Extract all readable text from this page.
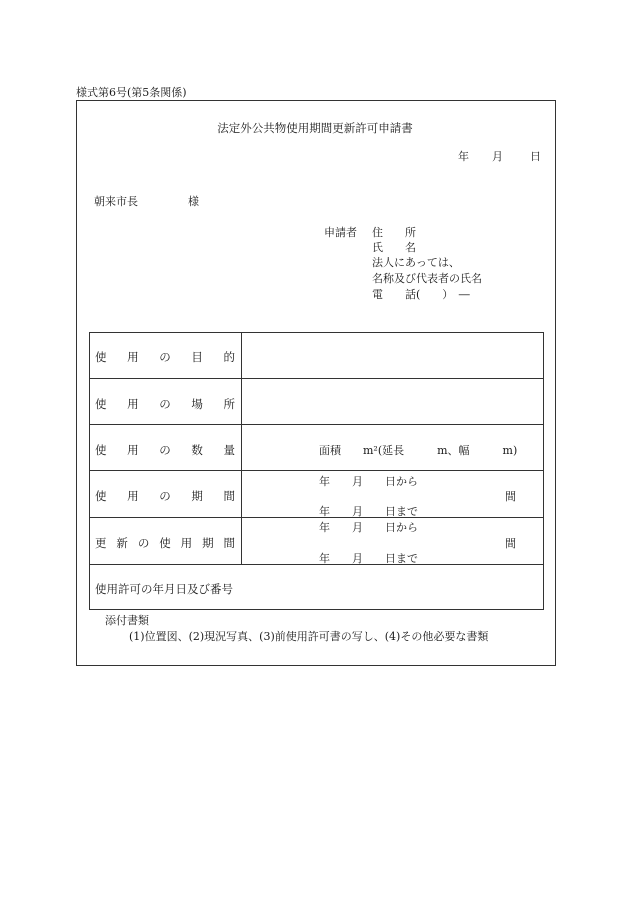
様式第6号(第5条関係)
法定外公共物使用期間更新許可申請書
年 月 日
朝来市長	様
申請者 住　　所
氏　　名
法人にあっては、
名称及び代表者の氏名
電　　話(　　）　―
使 用 の 目 的
使 用 の 場 所
使 用 の 数 量	面積　　m²(延長　　　m、幅　　　m)
使 用 の 期 間
年　　月　　日から
年　　月　　日まで
間
更新の使用期間
年　　月　　日から
年　　月　　日まで
間
使用許可の年月日及び番号
添付書類
(1)位置図、(2)現況写真、(3)前使用許可書の写し、(4)その他必要な書類
